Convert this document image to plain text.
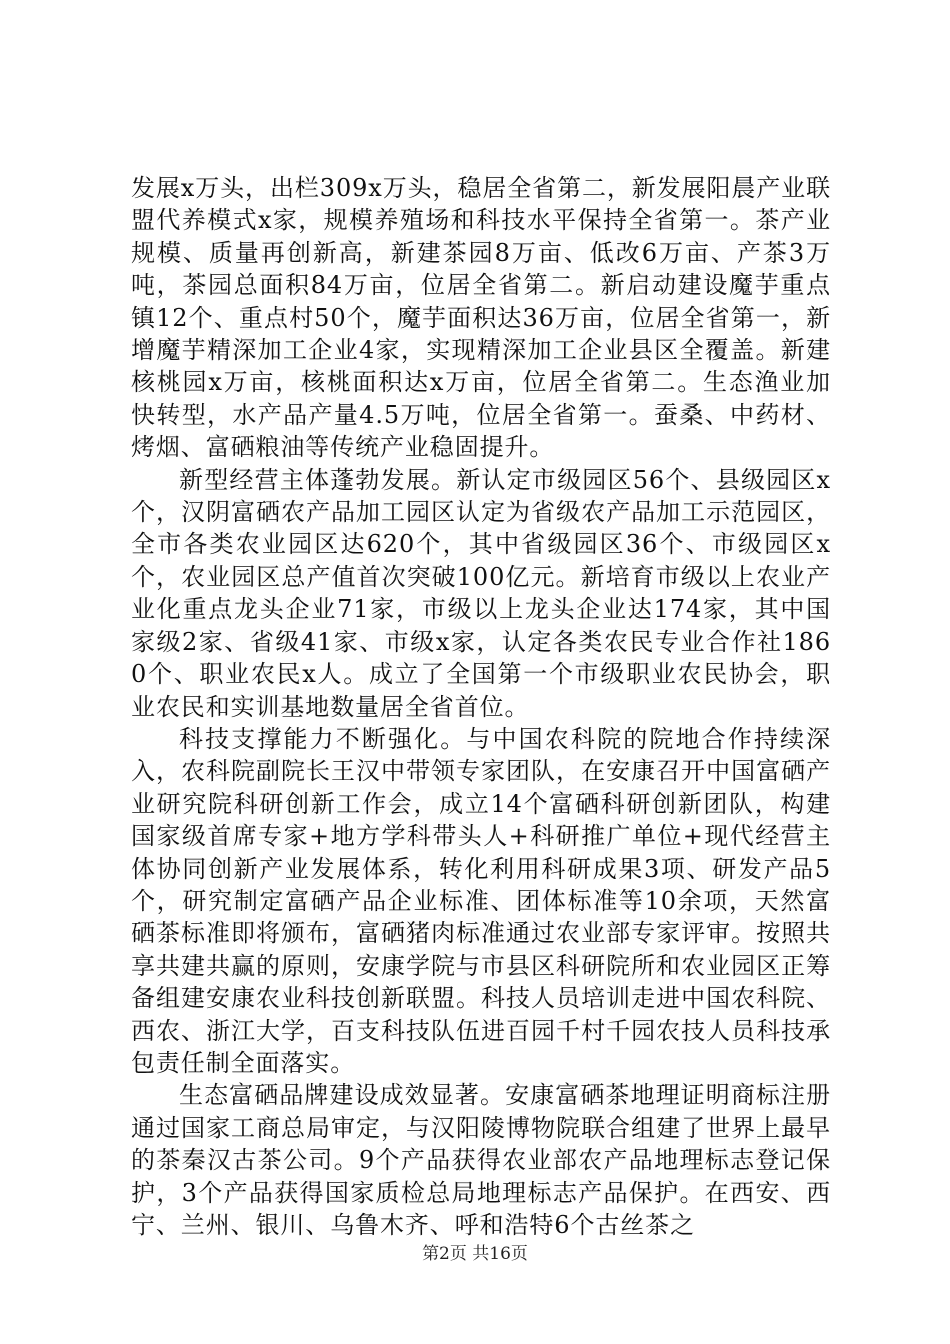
发展x万头，出栏309x万头，稳居全省第二，新发展阳晨产业联盟代养模式x家，规模养殖场和科技水平保持全省第一。茶产业规模、质量再创新高，新建茶园8万亩、低改6万亩、产茶3万吨，茶园总面积84万亩，位居全省第二。新启动建设魔芋重点镇12个、重点村50个，魔芋面积达36万亩，位居全省第一，新增魔芋精深加工企业4家，实现精深加工企业县区全覆盖。新建核桃园x万亩，核桃面积达x万亩，位居全省第二。生态渔业加快转型，水产品产量4.5万吨，位居全省第一。蚕桑、中药材、烤烟、富硒粮油等传统产业稳固提升。

新型经营主体蓬勃发展。新认定市级园区56个、县级园区x个，汉阴富硒农产品加工园区认定为省级农产品加工示范园区，全市各类农业园区达620个，其中省级园区36个、市级园区x个，农业园区总产值首次突破100亿元。新培育市级以上农业产业化重点龙头企业71家，市级以上龙头企业达174家，其中国家级2家、省级41家、市级x家，认定各类农民专业合作社1860个、职业农民x人。成立了全国第一个市级职业农民协会，职业农民和实训基地数量居全省首位。

科技支撑能力不断强化。与中国农科院的院地合作持续深入，农科院副院长王汉中带领专家团队，在安康召开中国富硒产业研究院科研创新工作会，成立14个富硒科研创新团队，构建国家级首席专家+地方学科带头人+科研推广单位+现代经营主体协同创新产业发展体系，转化利用科研成果3项、研发产品5个，研究制定富硒产品企业标准、团体标准等10余项，天然富硒茶标准即将颁布，富硒猪肉标准通过农业部专家评审。按照共享共建共赢的原则，安康学院与市县区科研院所和农业园区正筹备组建安康农业科技创新联盟。科技人员培训走进中国农科院、西农、浙江大学，百支科技队伍进百园千村千园农技人员科技承包责任制全面落实。

生态富硒品牌建设成效显著。安康富硒茶地理证明商标注册通过国家工商总局审定，与汉阳陵博物院联合组建了世界上最早的茶秦汉古茶公司。9个产品获得农业部农产品地理标志登记保护，3个产品获得国家质检总局地理标志产品保护。在西安、西宁、兰州、银川、乌鲁木齐、呼和浩特6个古丝茶之

第2页 共16页
